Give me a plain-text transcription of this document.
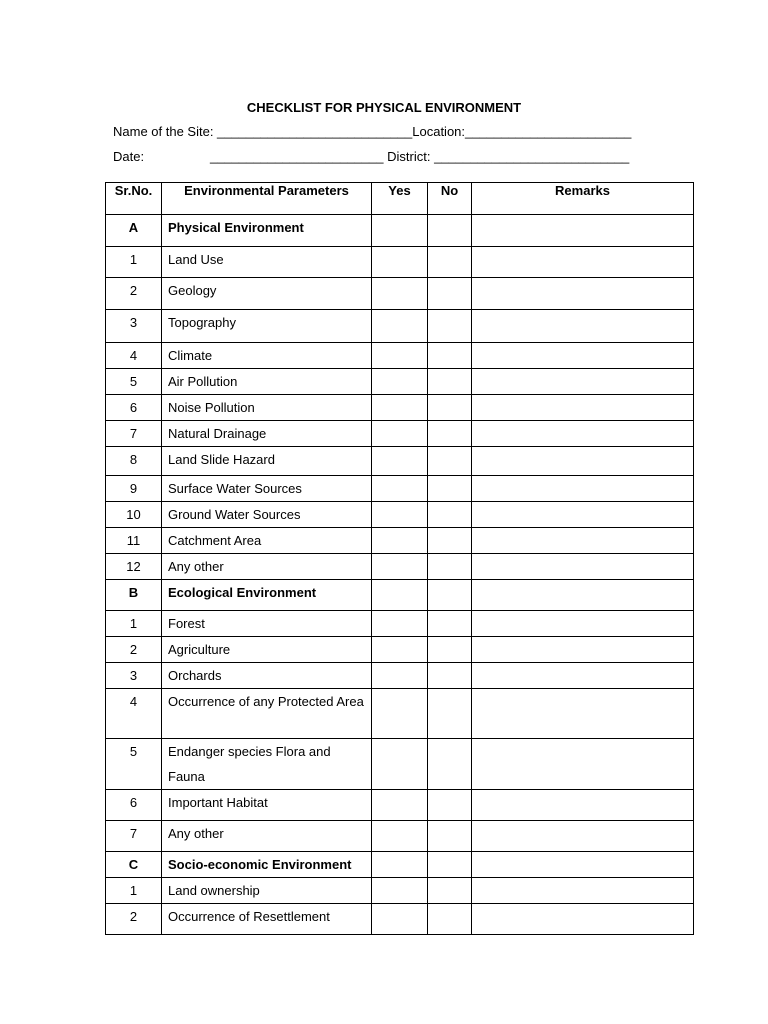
CHECKLIST FOR PHYSICAL ENVIRONMENT
Name of the Site: ___________________________Location:_______________________
Date:	________________________ District: ___________________________
Sr.No.	Environmental Parameters	Yes	No	Remarks
A	Physical Environment			
1	Land Use			
2	Geology			
3	Topography			
4	Climate			
5	Air Pollution			
6	Noise Pollution			
7	Natural Drainage			
8	Land Slide Hazard			
9	Surface Water Sources			
10	Ground Water Sources			
11	Catchment Area			
12	Any other			
B	Ecological Environment			
1	Forest			
2	Agriculture			
3	Orchards			
4	Occurrence of any Protected Area			
5	Endanger species Flora and Fauna			
6	Important Habitat			
7	Any other			
C	Socio-economic Environment			
1	Land ownership			
2	Occurrence of Resettlement			
